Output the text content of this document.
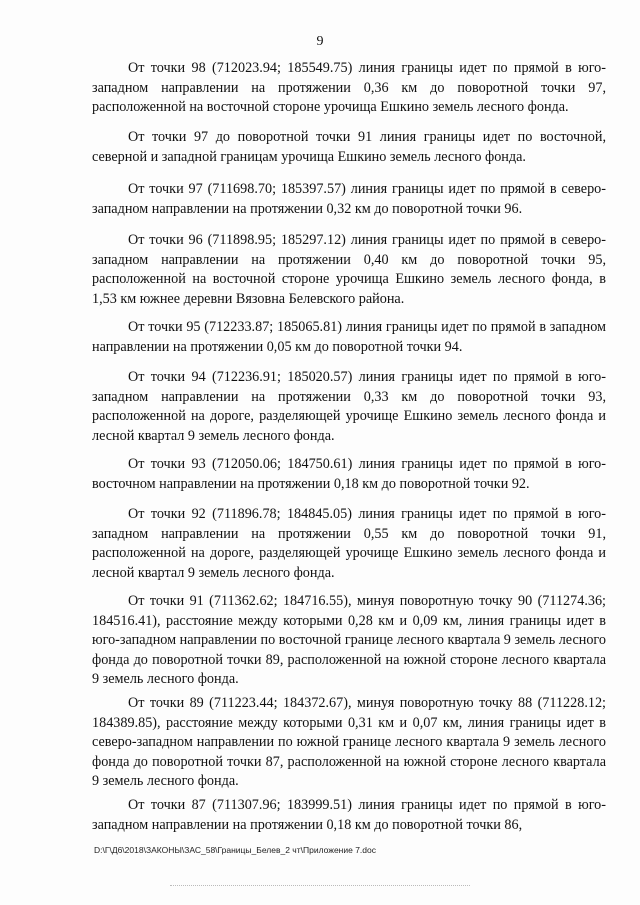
9

От точки 98 (712023.94; 185549.75) линия границы идет по прямой в юго-западном направлении на протяжении 0,36 км до поворотной точки 97, расположенной на восточной стороне урочища Ешкино земель лесного фонда.

От точки 97 до поворотной точки 91 линия границы идет по восточной, северной и западной границам урочища Ешкино земель лесного фонда.

От точки 97 (711698.70; 185397.57) линия границы идет по прямой в северо-западном направлении на протяжении 0,32 км до поворотной точки 96.

От точки 96 (711898.95; 185297.12) линия границы идет по прямой в северо-западном направлении на протяжении 0,40 км до поворотной точки 95, расположенной на восточной стороне урочища Ешкино земель лесного фонда, в 1,53 км южнее деревни Вязовна Белевского района.

От точки 95 (712233.87; 185065.81) линия границы идет по прямой в западном направлении на протяжении 0,05 км до поворотной точки 94.

От точки 94 (712236.91; 185020.57) линия границы идет по прямой в юго-западном направлении на протяжении 0,33 км до поворотной точки 93, расположенной на дороге, разделяющей урочище Ешкино земель лесного фонда и лесной квартал 9 земель лесного фонда.

От точки 93 (712050.06; 184750.61) линия границы идет по прямой в юго-восточном направлении на протяжении 0,18 км до поворотной точки 92.

От точки 92 (711896.78; 184845.05) линия границы идет по прямой в юго-западном направлении на протяжении 0,55 км до поворотной точки 91, расположенной на дороге, разделяющей урочище Ешкино земель лесного фонда и лесной квартал 9 земель лесного фонда.

От точки 91 (711362.62; 184716.55), минуя поворотную точку 90 (711274.36; 184516.41), расстояние между которыми 0,28 км и 0,09 км, линия границы идет в юго-западном направлении по восточной границе лесного квартала 9 земель лесного фонда до поворотной точки 89, расположенной на южной стороне лесного квартала 9 земель лесного фонда.

От точки 89 (711223.44; 184372.67), минуя поворотную точку 88 (711228.12; 184389.85), расстояние между которыми 0,31 км и 0,07 км, линия границы идет в северо-западном направлении по южной границе лесного квартала 9 земель лесного фонда до поворотной точки 87, расположенной на южной стороне лесного квартала 9 земель лесного фонда.

От точки 87 (711307.96; 183999.51) линия границы идет по прямой в юго-западном направлении на протяжении 0,18 км до поворотной точки 86,

D:\Г\Д6\2018\ЗАКОНЫ\ЗАС_58\Границы_Белев_2 чт\Приложение 7.doc
